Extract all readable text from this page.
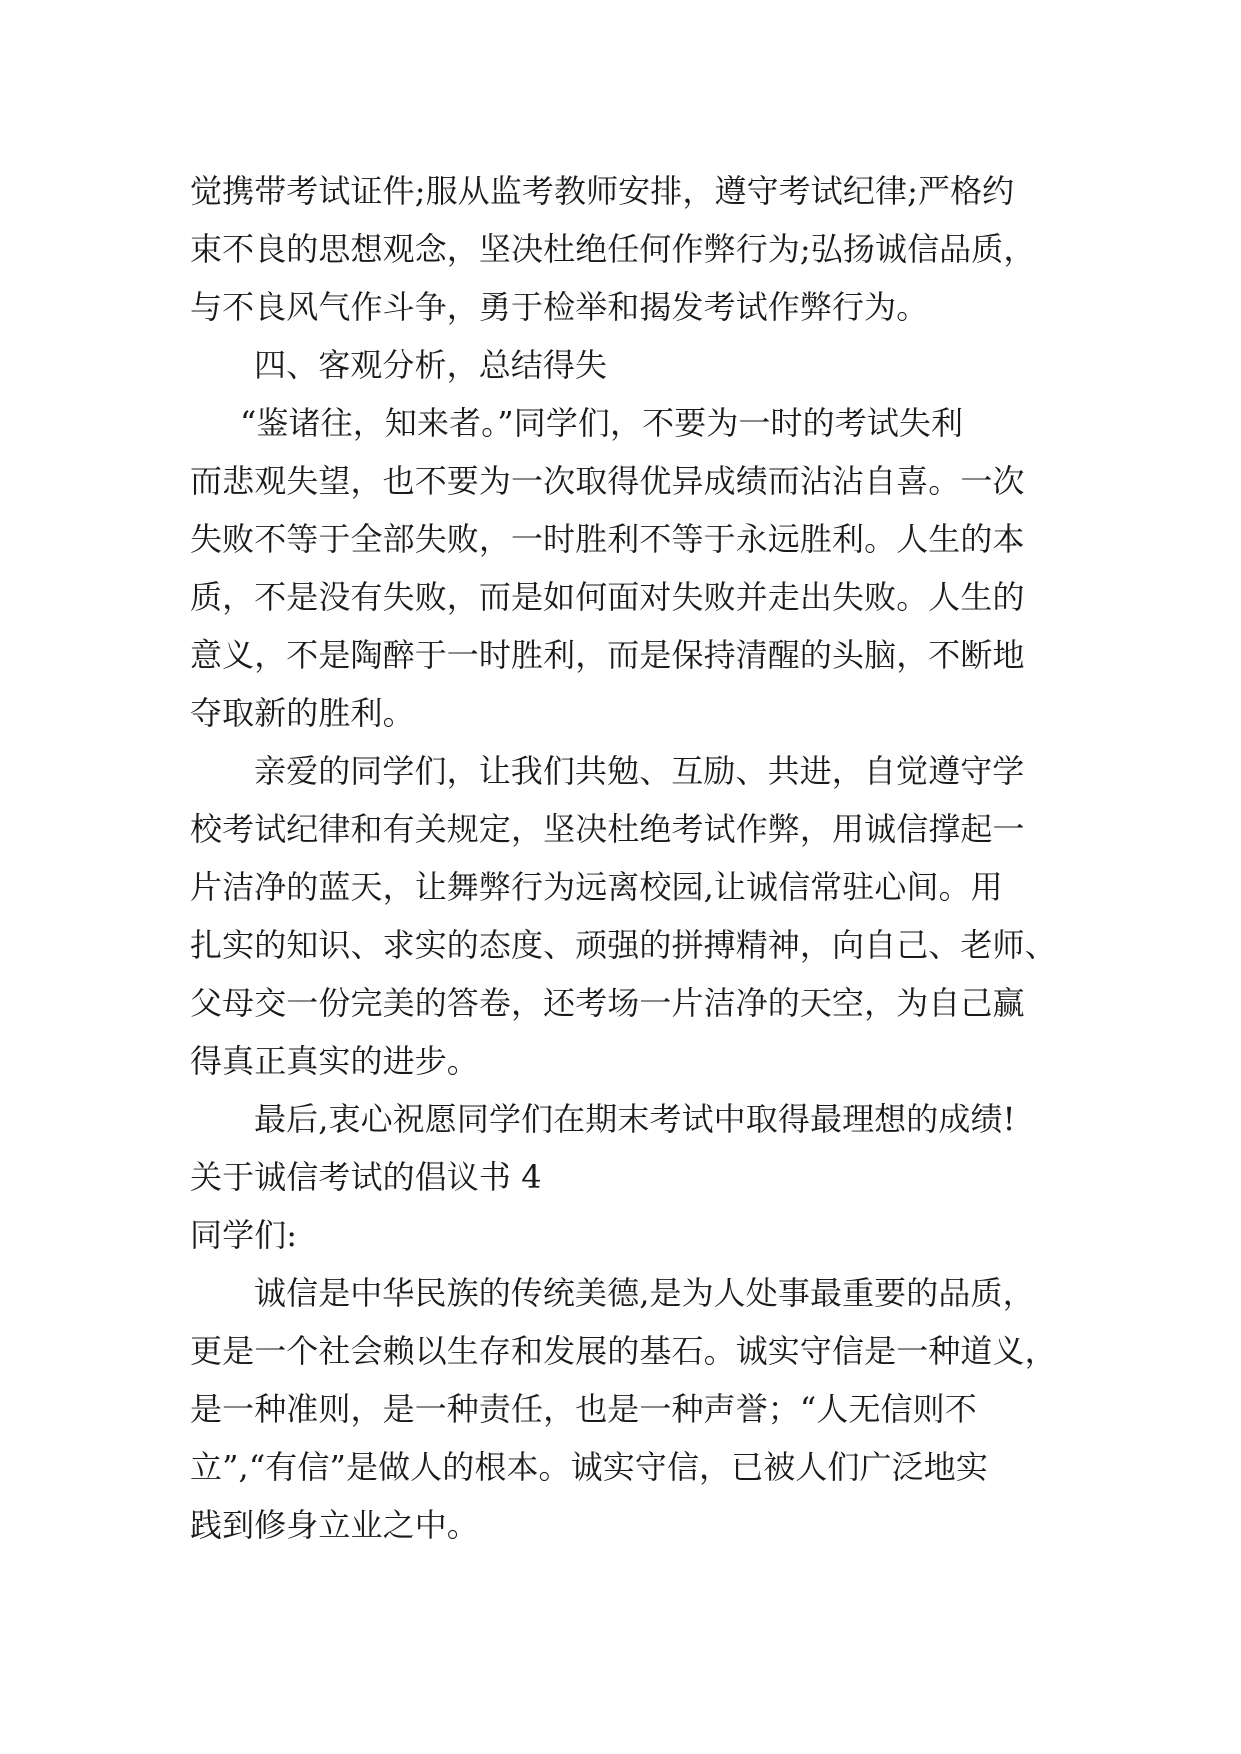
觉携带考试证件;服从监考教师安排，遵守考试纪律;严格约
束不良的思想观念，坚决杜绝任何作弊行为;弘扬诚信品质，
与不良风气作斗争，勇于检举和揭发考试作弊行为。
四、客观分析，总结得失
“鉴诸往，知来者。”同学们，不要为一时的考试失利
而悲观失望，也不要为一次取得优异成绩而沾沾自喜。一次
失败不等于全部失败，一时胜利不等于永远胜利。人生的本
质，不是没有失败，而是如何面对失败并走出失败。人生的
意义，不是陶醉于一时胜利，而是保持清醒的头脑，不断地
夺取新的胜利。
亲爱的同学们，让我们共勉、互励、共进，自觉遵守学
校考试纪律和有关规定，坚决杜绝考试作弊，用诚信撑起一
片洁净的蓝天，让舞弊行为远离校园,让诚信常驻心间。用
扎实的知识、求实的态度、顽强的拼搏精神，向自己、老师、
父母交一份完美的答卷，还考场一片洁净的天空，为自己赢
得真正真实的进步。
最后,衷心祝愿同学们在期末考试中取得最理想的成绩!
关于诚信考试的倡议书 4
同学们:
诚信是中华民族的传统美德,是为人处事最重要的品质，
更是一个社会赖以生存和发展的基石。诚实守信是一种道义，
是一种准则，是一种责任，也是一种声誉；“人无信则不
立”,“有信”是做人的根本。诚实守信，已被人们广泛地实
践到修身立业之中。
